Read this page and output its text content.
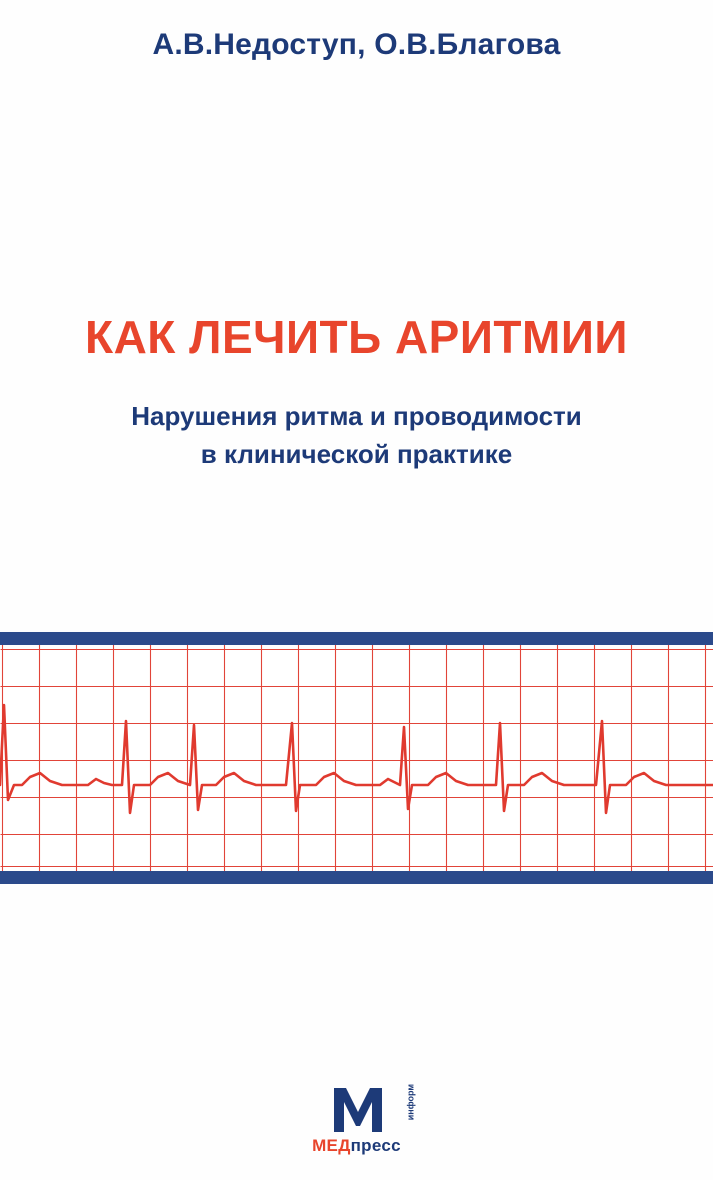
А.В.Недоступ, О.В.Благова
КАК ЛЕЧИТЬ АРИТМИИ
Нарушения ритма и проводимости
в клинической практике
информ
МЕДпресс
